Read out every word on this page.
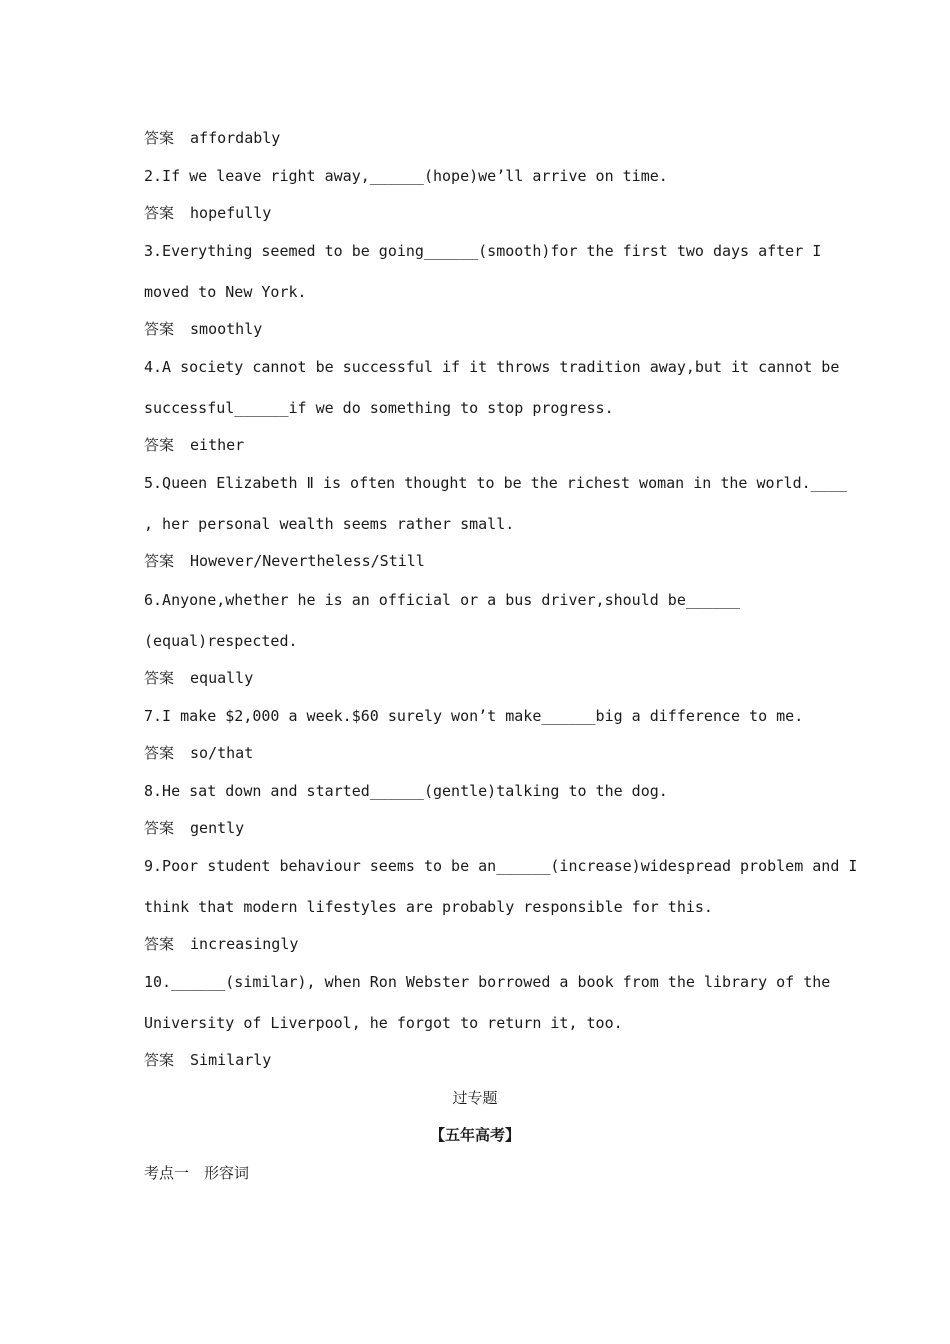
答案 affordably
2.If we leave right away,______(hope)we’ll arrive on time.
答案 hopefully
3.Everything seemed to be going______(smooth)for the first two days after I
moved to New York.
答案 smoothly
4.A society cannot be successful if it throws tradition away,but it cannot be
successful______if we do something to stop progress.
答案 either
5.Queen Elizabeth Ⅱ is often thought to be the richest woman in the world.____
, her personal wealth seems rather small.
答案 However/Nevertheless/Still
6.Anyone,whether he is an official or a bus driver,should be______
(equal)respected.
答案 equally
7.I make $2,000 a week.$60 surely won’t make______big a difference to me.
答案 so/that
8.He sat down and started______(gentle)talking to the dog.
答案 gently
9.Poor student behaviour seems to be an______(increase)widespread problem and I
think that modern lifestyles are probably responsible for this.
答案 increasingly
10.______(similar), when Ron Webster borrowed a book from the library of the
University of Liverpool, he forgot to return it, too.
答案 Similarly
过专题
【五年高考】
考点一　形容词
